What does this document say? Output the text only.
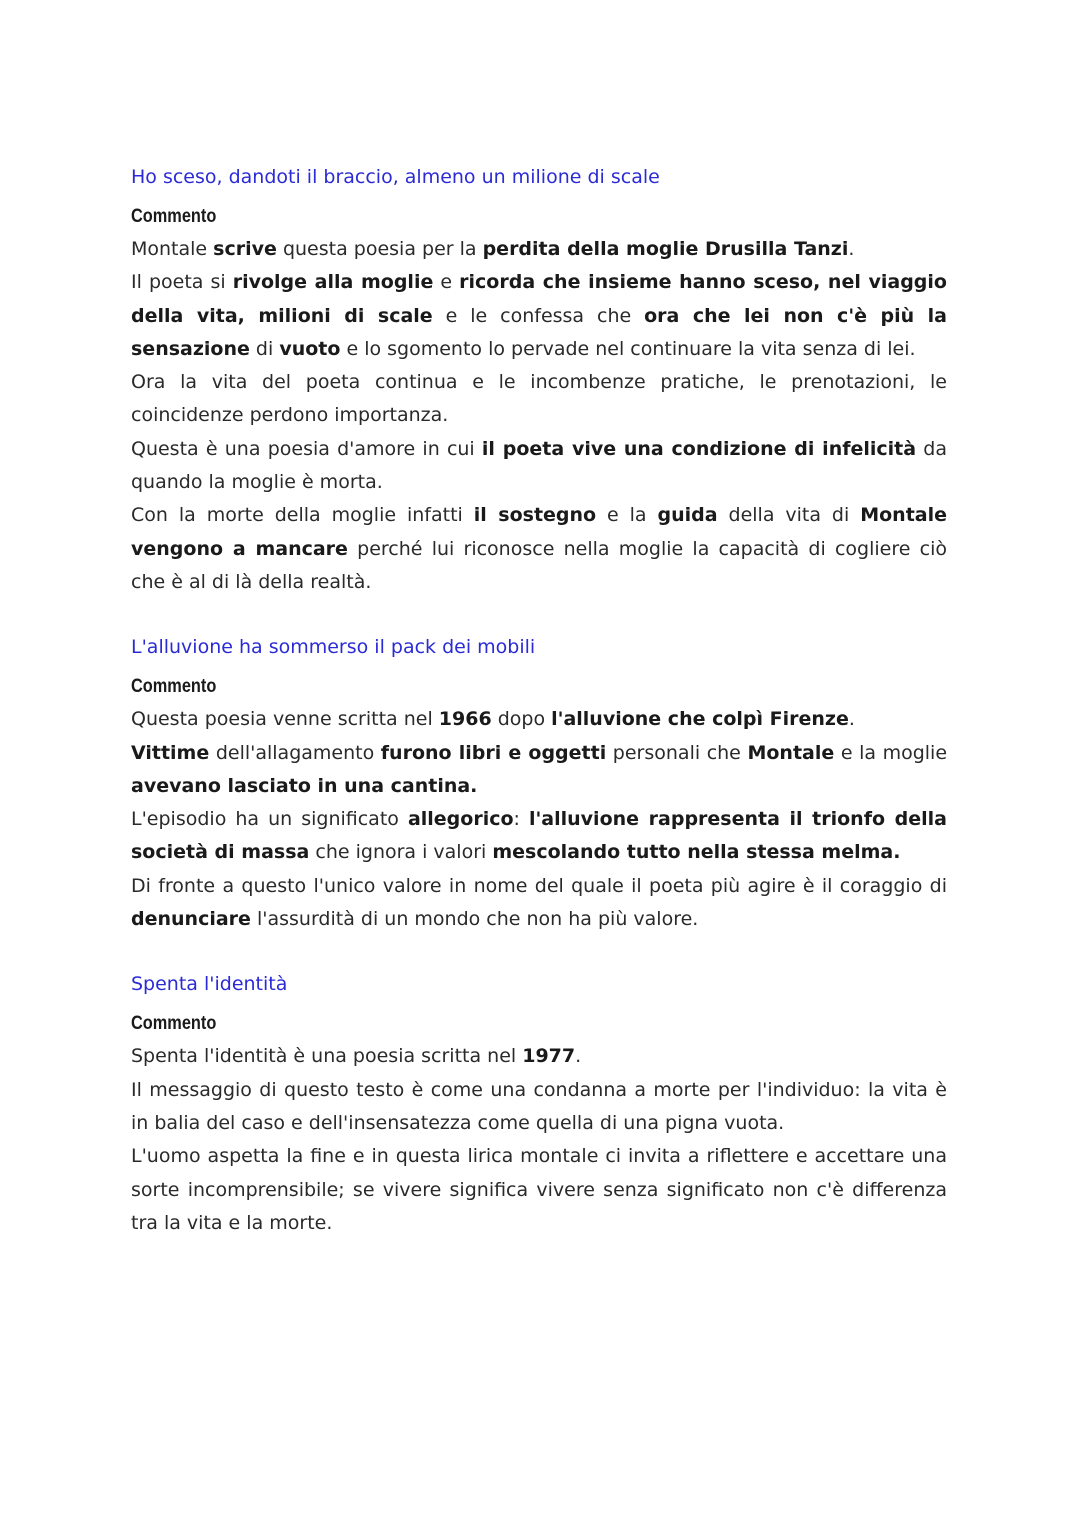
Ho sceso, dandoti il braccio, almeno un milione di scale
Commento
Montale scrive questa poesia per la perdita della moglie Drusilla Tanzi.
Il poeta si rivolge alla moglie e ricorda che insieme hanno sceso, nel viaggio della vita, milioni di scale e le confessa che ora che lei non c'è più la sensazione di vuoto e lo sgomento lo pervade nel continuare la vita senza di lei.
Ora la vita del poeta continua e le incombenze pratiche, le prenotazioni, le coincidenze perdono importanza.
Questa è una poesia d'amore in cui il poeta vive una condizione di infelicità da quando la moglie è morta.
Con la morte della moglie infatti il sostegno e la guida della vita di Montale vengono a mancare perché lui riconosce nella moglie la capacità di cogliere ciò che è al di là della realtà.
L'alluvione ha sommerso il pack dei mobili
Commento
Questa poesia venne scritta nel 1966 dopo l'alluvione che colpì Firenze.
Vittime dell'allagamento furono libri e oggetti personali che Montale e la moglie avevano lasciato in una cantina.
L'episodio ha un significato allegorico: l'alluvione rappresenta il trionfo della società di massa che ignora i valori mescolando tutto nella stessa melma.
Di fronte a questo l'unico valore in nome del quale il poeta più agire è il coraggio di denunciare l'assurdità di un mondo che non ha più valore.
Spenta l'identità
Commento
Spenta l'identità è una poesia scritta nel 1977.
Il messaggio di questo testo è come una condanna a morte per l'individuo: la vita è in balia del caso e dell'insensatezza come quella di una pigna vuota.
L'uomo aspetta la fine e in questa lirica montale ci invita a riflettere e accettare una sorte incomprensibile; se vivere significa vivere senza significato non c'è differenza tra la vita e la morte.
